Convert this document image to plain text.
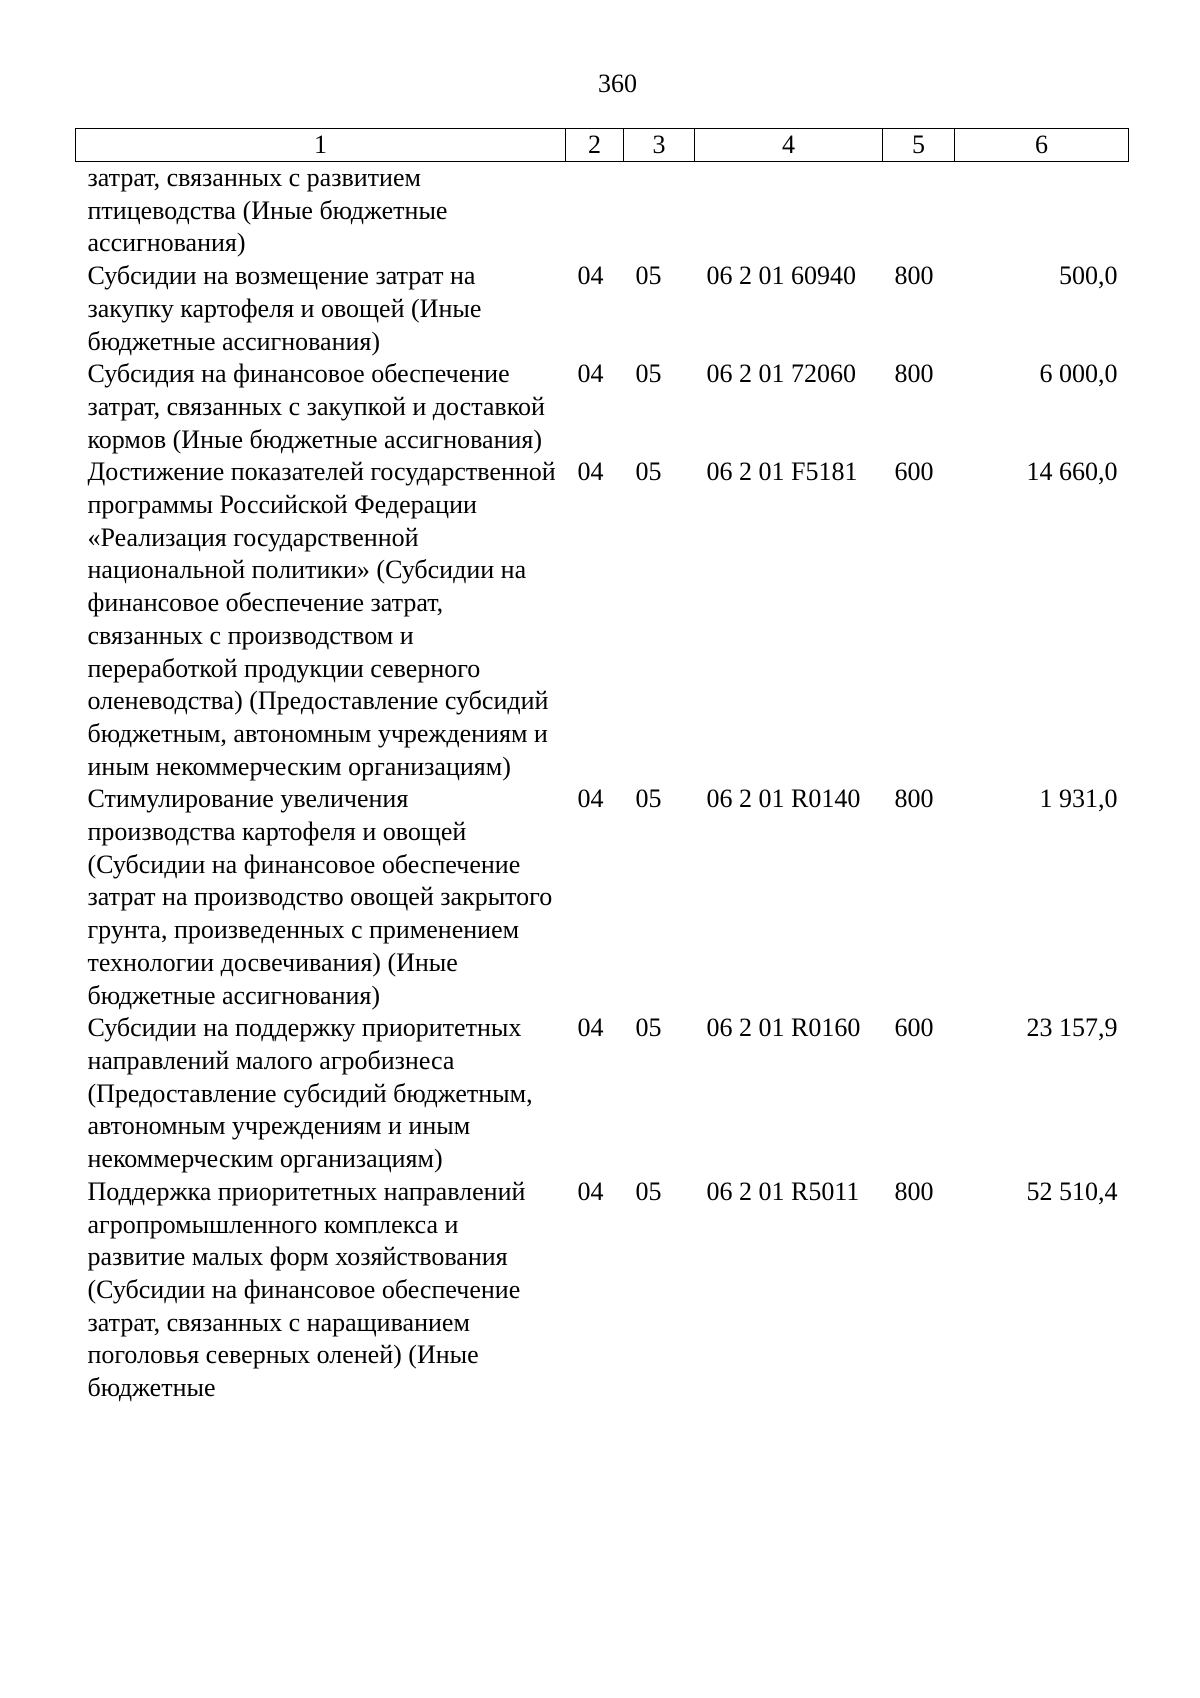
360
1	2	3	4	5	6
затрат, связанных с развитием птицеводства (Иные бюджетные ассигнования)					
Субсидии на возмещение затрат на закупку картофеля и овощей (Иные бюджетные ассигнования)	04	05	06 2 01 60940	800	500,0
Субсидия на финансовое обеспечение затрат, связанных с закупкой и доставкой кормов (Иные бюджетные ассигнования)	04	05	06 2 01 72060	800	6 000,0
Достижение показателей государственной программы Российской Федерации «Реализация государственной национальной политики» (Субсидии на финансовое обеспечение затрат, связанных с производством и переработкой продукции северного оленеводства) (Предоставление субсидий бюджетным, автономным учреждениям и иным некоммерческим организациям)	04	05	06 2 01 F5181	600	14 660,0
Стимулирование увеличения производства картофеля и овощей (Субсидии на финансовое обеспечение затрат на производство овощей закрытого грунта, произведенных с применением технологии досвечивания) (Иные бюджетные ассигнования)	04	05	06 2 01 R0140	800	1 931,0
Субсидии на поддержку приоритетных направлений малого агробизнеса (Предоставление субсидий бюджетным, автономным учреждениям и иным некоммерческим организациям)	04	05	06 2 01 R0160	600	23 157,9
Поддержка приоритетных направлений агропромышленного комплекса и развитие малых форм хозяйствования (Субсидии на финансовое обеспечение затрат, связанных с наращиванием поголовья северных оленей) (Иные бюджетные	04	05	06 2 01 R5011	800	52 510,4
